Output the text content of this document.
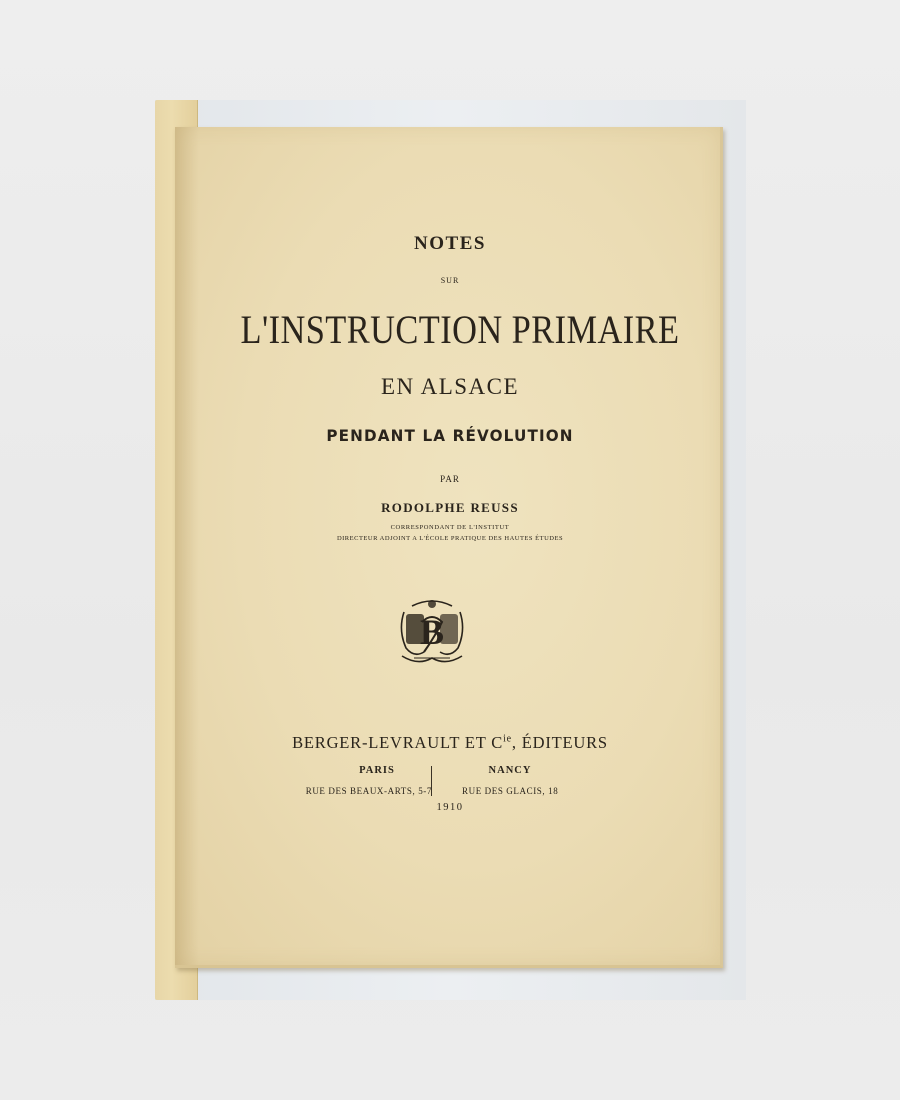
NOTES
SUR
L'INSTRUCTION PRIMAIRE
EN ALSACE
PENDANT LA RÉVOLUTION
PAR
RODOLPHE REUSS
CORRESPONDANT DE L'INSTITUT
DIRECTEUR ADJOINT A L'ÉCOLE PRATIQUE DES HAUTES ÉTUDES
B
BERGER-LEVRAULT ET $C^{ie}$, ÉDITEURS
PARIS	NANCY
RUE DES BEAUX-ARTS, 5-7	RUE DES GLACIS, 18
1910
